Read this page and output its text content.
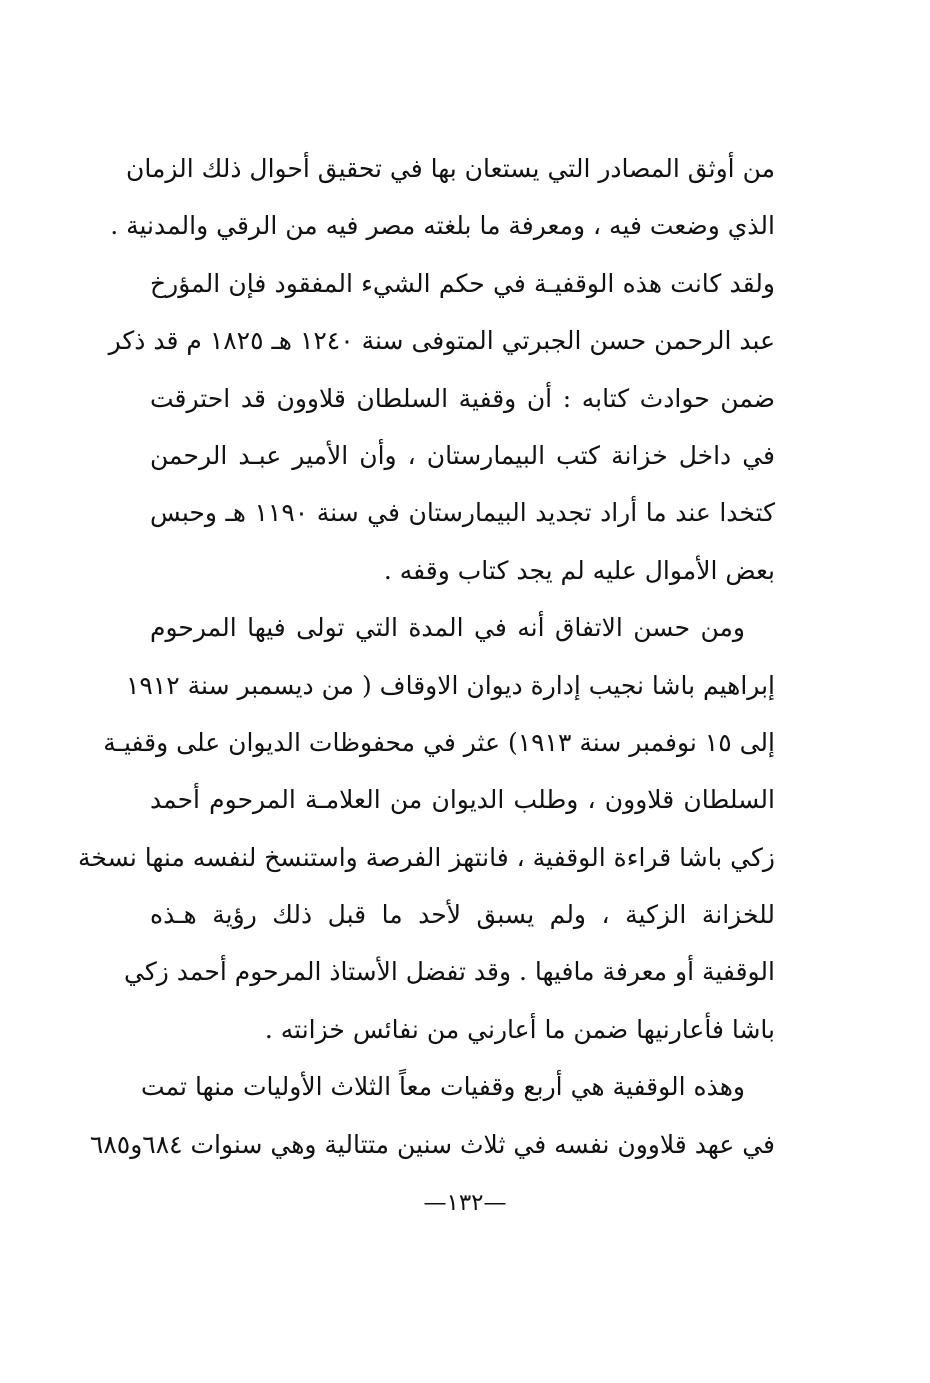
من أوثق المصادر التي يستعان بها في تحقيق أحوال ذلك الزمان
الذي وضعت فيه ، ومعرفة ما بلغته مصر فيه من الرقي والمدنية .
ولقد كانت هذه الوقفيـة في حكم الشيء المفقود فإن المؤرخ
عبد الرحمن حسن الجبرتي المتوفى سنة ١٢٤٠ هـ ١٨٢٥ م قد ذكر
ضمن حوادث كتابه : أن وقفية السلطان قلاوون قد احترقت
في داخل خزانة كتب البيمارستان ، وأن الأمير عبـد الرحمن
كتخدا عند ما أراد تجديد البيمارستان في سنة ١١٩٠ هـ وحبس
بعض الأموال عليه لم يجد كتاب وقفه .
ومن حسن الاتفاق أنه في المدة التي تولى فيها المرحوم
إبراهيم باشا نجيب إدارة ديوان الاوقاف ( من ديسمبر سنة ١٩١٢
إلى ١٥ نوفمبر سنة ١٩١٣) عثر في محفوظات الديوان على وقفيـة
السلطان قلاوون ، وطلب الديوان من العلامـة المرحوم أحمد
زكي باشا قراءة الوقفية ، فانتهز الفرصة واستنسخ لنفسه منها نسخة
للخزانة الزكية ، ولم يسبق لأحد ما قبل ذلك رؤية هـذه
الوقفية أو معرفة مافيها . وقد تفضل الأستاذ المرحوم أحمد زكي
باشا فأعارنيها ضمن ما أعارني من نفائس خزانته .
وهذه الوقفية هي أربع وقفيات معاً الثلاث الأوليات منها تمت
في عهد قلاوون نفسه في ثلاث سنين متتالية وهي سنوات ٦٨٤و٦٨٥
—١٣٢—
